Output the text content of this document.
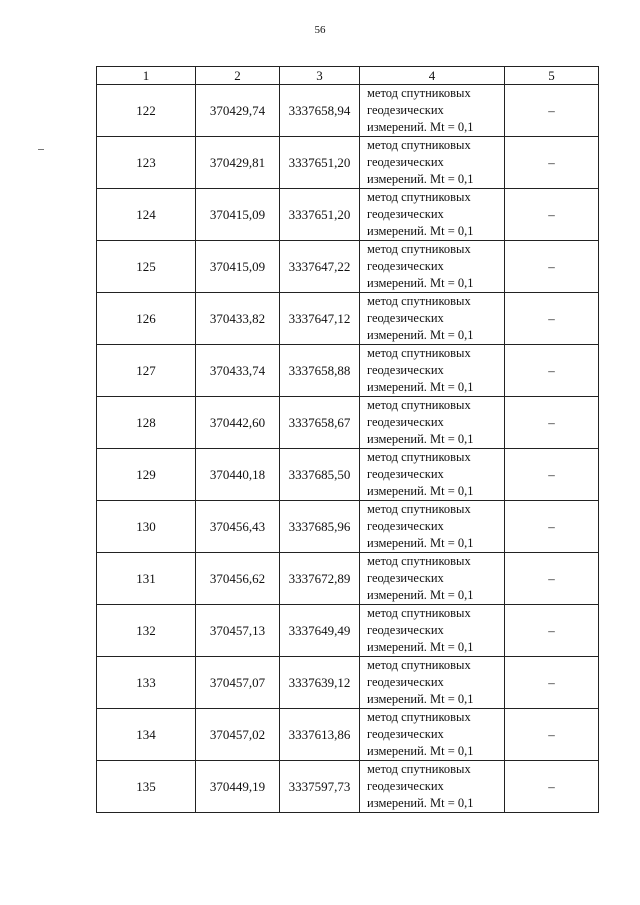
56
1	2	3	4	5
122	370429,74	3337658,94	метод спутниковых
геодезических
измерений. Mt = 0,1	–
123	370429,81	3337651,20	метод спутниковых
геодезических
измерений. Mt = 0,1	–
124	370415,09	3337651,20	метод спутниковых
геодезических
измерений. Mt = 0,1	–
125	370415,09	3337647,22	метод спутниковых
геодезических
измерений. Mt = 0,1	–
126	370433,82	3337647,12	метод спутниковых
геодезических
измерений. Mt = 0,1	–
127	370433,74	3337658,88	метод спутниковых
геодезических
измерений. Mt = 0,1	–
128	370442,60	3337658,67	метод спутниковых
геодезических
измерений. Mt = 0,1	–
129	370440,18	3337685,50	метод спутниковых
геодезических
измерений. Mt = 0,1	–
130	370456,43	3337685,96	метод спутниковых
геодезических
измерений. Mt = 0,1	–
131	370456,62	3337672,89	метод спутниковых
геодезических
измерений. Mt = 0,1	–
132	370457,13	3337649,49	метод спутниковых
геодезических
измерений. Mt = 0,1	–
133	370457,07	3337639,12	метод спутниковых
геодезических
измерений. Mt = 0,1	–
134	370457,02	3337613,86	метод спутниковых
геодезических
измерений. Mt = 0,1	–
135	370449,19	3337597,73	метод спутниковых
геодезических
измерений. Mt = 0,1	–
